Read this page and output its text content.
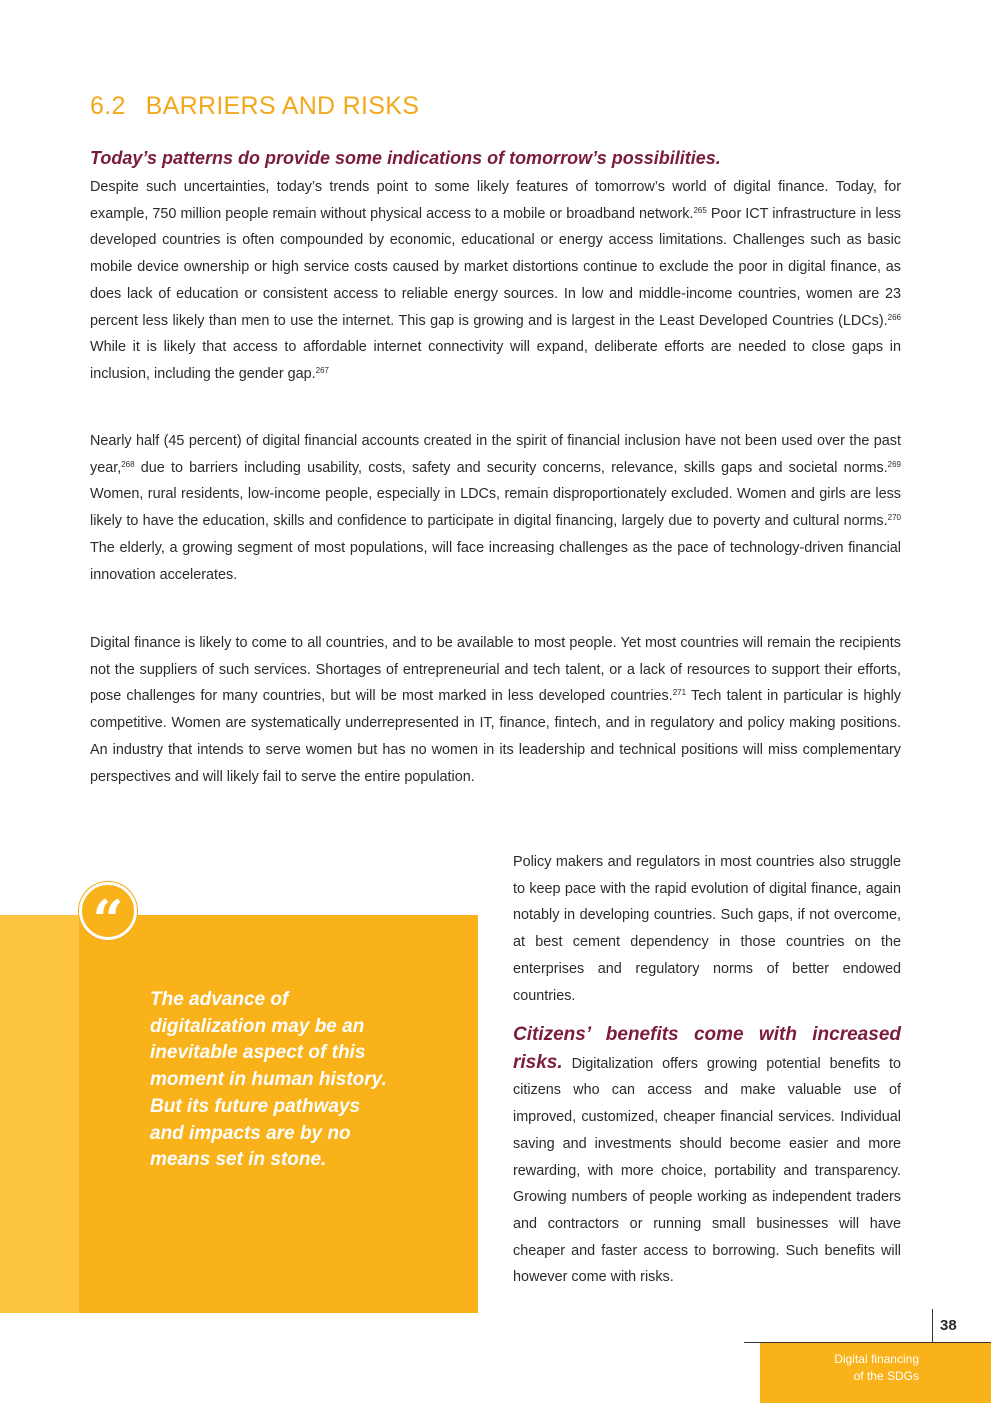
6.2 BARRIERS AND RISKS
Today’s patterns do provide some indications of tomorrow’s possibilities.

Despite such uncertainties, today’s trends point to some likely features of tomorrow’s world of digital finance. Today, for example, 750 million people remain without physical access to a mobile or broadband network.$^{265}$ Poor ICT infrastructure in less developed countries is often compounded by economic, educational or energy access limitations. Challenges such as basic mobile device ownership or high service costs caused by market distortions continue to exclude the poor in digital finance, as does lack of education or consistent access to reliable energy sources. In low and middle-income countries, women are 23 percent less likely than men to use the internet. This gap is growing and is largest in the Least Developed Countries (LDCs).$^{266}$ While it is likely that access to affordable internet connectivity will expand, deliberate efforts are needed to close gaps in inclusion, including the gender gap.$^{267}$

Nearly half (45 percent) of digital financial accounts created in the spirit of financial inclusion have not been used over the past year,$^{268}$ due to barriers including usability, costs, safety and security concerns, relevance, skills gaps and societal norms.$^{269}$ Women, rural residents, low-income people, especially in LDCs, remain disproportionately excluded. Women and girls are less likely to have the education, skills and confidence to participate in digital financing, largely due to poverty and cultural norms.$^{270}$ The elderly, a growing segment of most populations, will face increasing challenges as the pace of technology-driven financial innovation accelerates.

Digital finance is likely to come to all countries, and to be available to most people. Yet most countries will remain the recipients not the suppliers of such services. Shortages of entrepreneurial and tech talent, or a lack of resources to support their efforts, pose challenges for many countries, but will be most marked in less developed countries.$^{271}$ Tech talent in particular is highly competitive. Women are systematically underrepresented in IT, finance, fintech, and in regulatory and policy making positions. An industry that intends to serve women but has no women in its leadership and technical positions will miss complementary perspectives and will likely fail to serve the entire population.

“

The advance of digitalization may be an inevitable aspect of this moment in human history. But its future pathways and impacts are by no means set in stone.

Policy makers and regulators in most countries also struggle to keep pace with the rapid evolution of digital finance, again notably in developing countries. Such gaps, if not overcome, at best cement dependency in those countries on the enterprises and regulatory norms of better endowed countries.

Citizens’ benefits come with increased risks. Digitalization offers growing potential benefits to citizens who can access and make valuable use of improved, customized, cheaper financial services. Individual saving and investments should become easier and more rewarding, with more choice, portability and transparency. Growing numbers of people working as independent traders and contractors or running small businesses will have cheaper and faster access to borrowing. Such benefits will however come with risks.

38

Digital financing
of the SDGs
